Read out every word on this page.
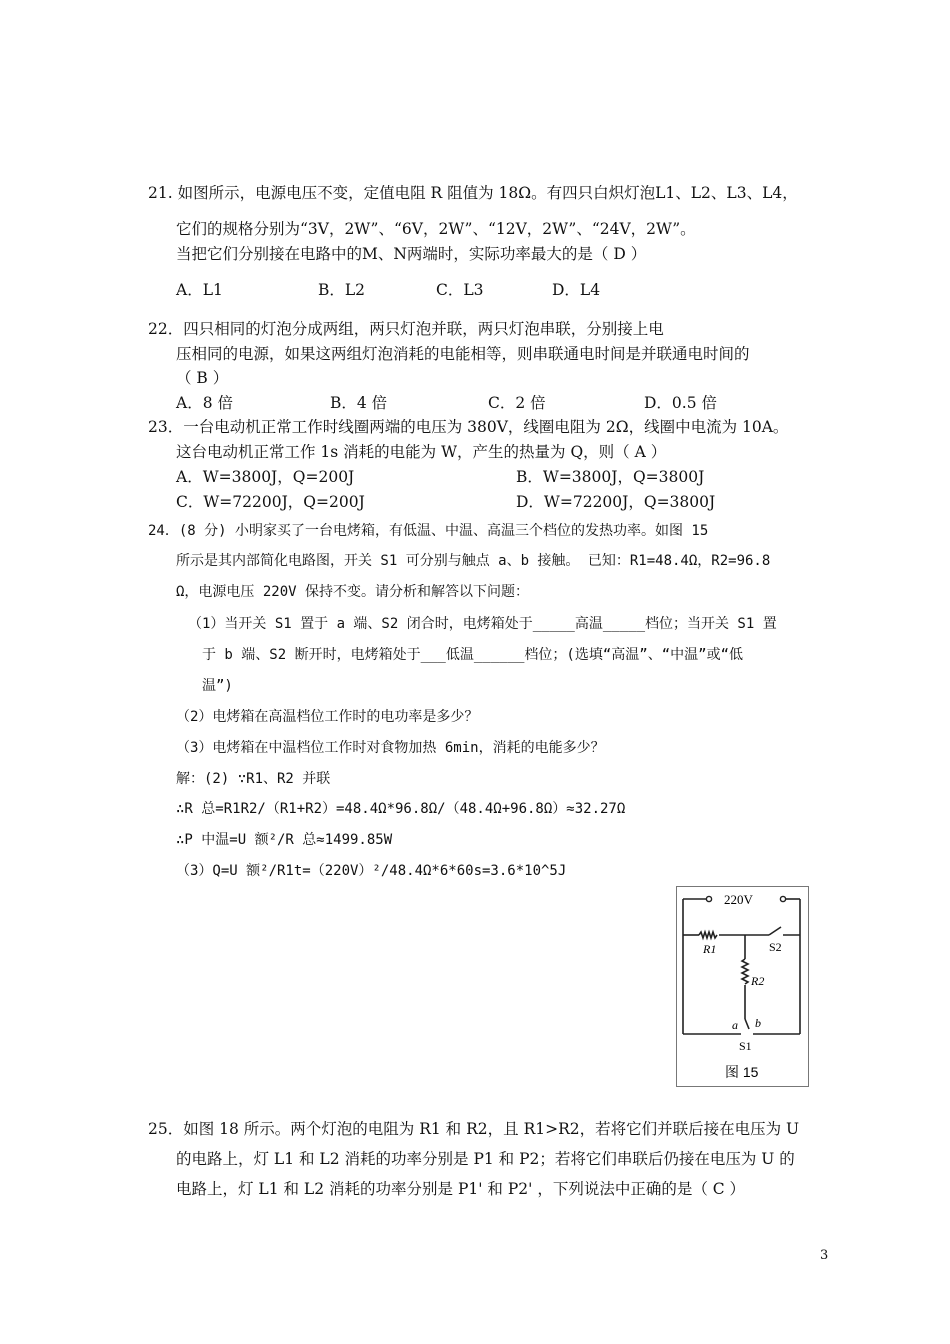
21. 如图所示，电源电压不变，定值电阻 R 阻值为 18Ω。有四只白炽灯泡L1、L2、L3、L4，
它们的规格分别为“3V，2W”、“6V，2W”、“12V，2W”、“24V，2W”。
当把它们分别接在电路中的M、N两端时，实际功率最大的是（ D ）
A．L1	B．L2	C．L3	D．L4
22．四只相同的灯泡分成两组，两只灯泡并联，两只灯泡串联，分别接上电
压相同的电源，如果这两组灯泡消耗的电能相等，则串联通电时间是并联通电时间的
（ B ）
A．8 倍	B．4 倍	C．2 倍	D．0.5 倍
23．一台电动机正常工作时线圈两端的电压为 380V，线圈电阻为 2Ω，线圈中电流为 10A。
这台电动机正常工作 1s 消耗的电能为 W，产生的热量为 Q，则（ A ）
A．W=3800J，Q=200J	B．W=3800J，Q=3800J
C．W=72200J，Q=200J	D．W=72200J，Q=3800J
24．(8 分) 小明家买了一台电烤箱，有低温、中温、高温三个档位的发热功率。如图 15
所示是其内部简化电路图，开关 S1 可分别与触点 a、b 接触。 已知：R1=48.4Ω，R2=96.8
Ω，电源电压 220V 保持不变。请分析和解答以下问题：
（1）当开关 S1 置于 a 端、S2 闭合时，电烤箱处于_____高温_____档位；当开关 S1 置
于 b 端、S2 断开时，电烤箱处于___低温______档位；(选填“高温”、“中温”或“低
温”)
（2）电烤箱在高温档位工作时的电功率是多少？
（3）电烤箱在中温档位工作时对食物加热 6min，消耗的电能多少？
解：(2) ∵R1、R2 并联
∴R 总=R1R2/（R1+R2）=48.4Ω*96.8Ω/（48.4Ω+96.8Ω）≈32.27Ω
∴P 中温=U 额²/R 总≈1499.85W
（3）Q=U 额²/R1t=（220V）²/48.4Ω*6*60s=3.6*10^5J
220V
R1	S2
R2
a b
S1
图 15
25．如图 18 所示。两个灯泡的电阻为 R1 和 R2，且 R1>R2，若将它们并联后接在电压为 U
的电路上，灯 L1 和 L2 消耗的功率分别是 P1 和 P2；若将它们串联后仍接在电压为 U 的
电路上，灯 L1 和 L2 消耗的功率分别是 P1' 和 P2' ，下列说法中正确的是（ C ）
3
